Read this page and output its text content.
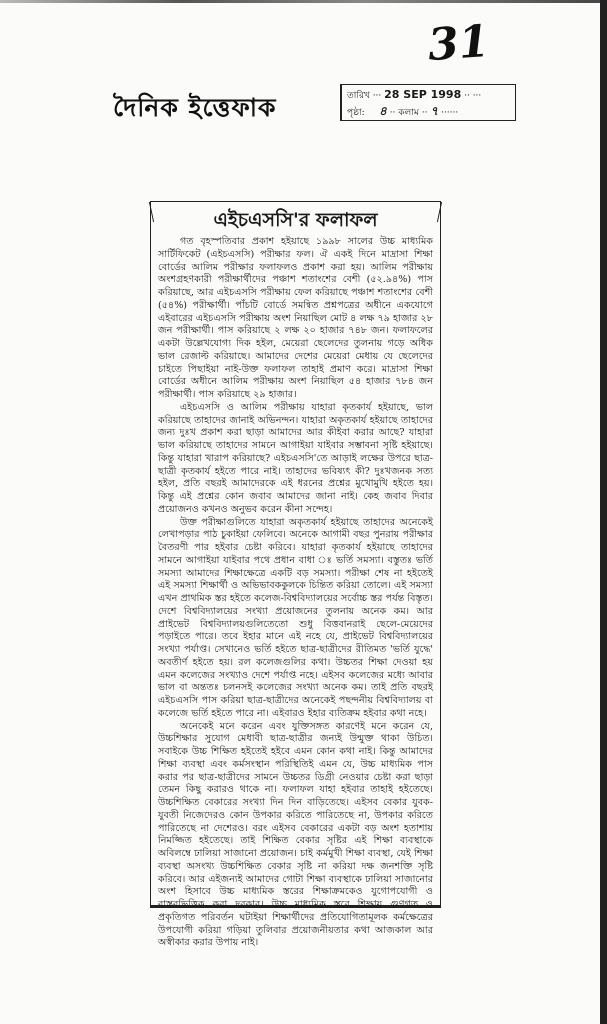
31
দৈনিক ইত্তেফাক	তারিখ ··· 28 SEP 1998 ·· ···
পৃষ্ঠা: ৪ ·· কলাম ·· ৭ ······
এইচএসসি'র ফলাফল

গত বৃহস্পতিবার প্রকাশ হইয়াছে ১৯৯৮ সালের উচ্চ মাধ্যমিক সার্টিফিকেট (এইচএসসি) পরীক্ষার ফল। ঐ একই দিনে মাদ্রাসা শিক্ষা বোর্ডের আলিম পরীক্ষার ফলাফলও প্রকাশ করা হয়। আলিম পরীক্ষায় অংশগ্রহণকারী পরীক্ষার্থীদের পঞ্চাশ শতাংশের বেশী (৫২.৯৪%) পাস করিয়াছে, আর এইচএসসি পরীক্ষায় ফেল করিয়াছে পঞ্চাশ শতাংশের বেশী (৫৪%) পরীক্ষার্থী। পাঁচটি বোর্ডে সমন্বিত প্রশ্নপত্রের অধীনে একযোগে এইবারের এইচএসসি পরীক্ষায় অংশ নিয়াছিল মোট ৪ লক্ষ ৭৯ হাজার ২৮ জন পরীক্ষার্থী। পাস করিয়াছে ২ লক্ষ ২০ হাজার ৭৪৮ জন। ফলাফলের একটা উল্লেখযোগ্য দিক হইল, মেয়েরা ছেলেদের তুলনায় গড়ে অধিক ভাল রেজাল্ট করিয়াছে। আমাদের দেশের মেয়েরা মেধায় যে ছেলেদের চাইতে পিছাইয়া নাই-উক্ত ফলাফল তাহাই প্রমাণ করে। মাদ্রাসা শিক্ষা বোর্ডের অধীনে আলিম পরীক্ষায় অংশ নিয়াছিল ৫৪ হাজার ৭৮৪ জন পরীক্ষার্থী। পাস করিয়াছে ২৯ হাজার।

এইচএসসি ও আলিম পরীক্ষায় যাহারা কৃতকার্য হইয়াছে, ভাল করিয়াছে তাহাদের জানাই অভিনন্দন। যাহারা অকৃতকার্য হইয়াছে তাহাদের জন্য দুঃখ প্রকাশ করা ছাড়া আমাদের আর কীইবা করার আছে? যাহারা ভাল করিয়াছে তাহাদের সামনে আগাইয়া যাইবার সম্ভাবনা সৃষ্টি হইয়াছে। কিন্তু যাহারা খারাপ করিয়াছে? এইচএসসি'তে আড়াই লক্ষের উপরে ছাত্র-ছাত্রী কৃতকার্য হইতে পারে নাই। তাহাদের ভবিষ্যৎ কী? দুঃখজনক সত্য হইল, প্রতি বছরই আমাদেরকে এই ধরনের প্রশ্নের মুখোমুখি হইতে হয়। কিন্তু এই প্রশ্নের কোন জবাব আমাদের জানা নাই। কেহ জবাব দিবার প্রয়োজনও কখনও অনুভব করেন কীনা সন্দেহ।

উক্ত পরীক্ষাগুলিতে যাহারা অকৃতকার্য হইয়াছে তাহাদের অনেকেই লেখাপড়ার পাঠ চুকাইয়া ফেলিবে। অনেকে আগামী বছর পুনরায় পরীক্ষার বৈতরণী পার হইবার চেষ্টা করিবে। যাহারা কৃতকার্য হইয়াছে তাহাদের সামনে আগাইয়া যাইবার পথে প্রধান বাধা ঃ ভর্তি সমস্যা। বস্তুতঃ ভর্তি সমস্যা আমাদের শিক্ষাক্ষেত্রে একটি বড় সমস্যা। পরীক্ষা শেষ না হইতেই এই সমস্যা শিক্ষার্থী ও অভিভাবককুলকে চিন্তিত করিয়া তোলে। এই সমস্যা এখন প্রাথমিক স্তর হইতে কলেজ-বিশ্ববিদ্যালয়ের সর্বোচ্চ স্তর পর্যন্ত বিস্তৃত। দেশে বিশ্ববিদ্যালয়ের সংখ্যা প্রয়োজনের তুলনায় অনেক কম। আর প্রাইভেট বিশ্ববিদ্যালয়গুলিতেতো শুধু বিত্তবানরাই ছেলে-মেয়েদের পড়াইতে পারে। তবে ইহার মানে এই নহে যে, প্রাইভেট বিশ্ববিদ্যালয়ের সংখ্যা পর্যাপ্ত। সেখানেও ভর্তি হইতে ছাত্র-ছাত্রীদের রীতিমত 'ভর্তি যুদ্ধে' অবতীর্ণ হইতে হয়। রল কলেজগুলির কথা। উচ্চতর শিক্ষা দেওয়া হয় এমন কলেজের সংখ্যাও দেশে পর্যাপ্ত নহে। এইসব কলেজের মধ্যে আবার ভাল বা অন্ততঃ চলনসই কলেজের সংখ্যা অনেক কম। তাই প্রতি বছরই এইচএসসি পাস করিয়া ছাত্র-ছাত্রীদের অনেকেই পছন্দনীয় বিশ্ববিদ্যালয় বা কলেজে ভর্তি হইতে পারে না। এইবারও ইহার ব্যতিক্রম হইবার কথা নহে।

অনেকেই মনে করেন এবং যুক্তিসঙ্গত কারণেই মনে করেন যে, উচ্চশিক্ষার সুযোগ মেধাবী ছাত্র-ছাত্রীর জন্যই উন্মুক্ত থাকা উচিত। সবাইকে উচ্চ শিক্ষিত হইতেই হইবে এমন কোন কথা নাই। কিন্তু আমাদের শিক্ষা ব্যবস্থা এবং কর্মসংস্থান পরিস্থিতিই এমন যে, উচ্চ মাধ্যমিক পাস করার পর ছাত্র-ছাত্রীদের সামনে উচ্চতর ডিগ্রী নেওয়ার চেষ্টা করা ছাড়া তেমন কিছু করারও থাকে না। ফলাফল যাহা হইবার তাহাই হইতেছে। উচ্চশিক্ষিত বেকারের সংখ্যা দিন দিন বাড়িতেছে। এইসব বেকার যুবক-যুবতী নিজেদেরও কোন উপকার করিতে পারিতেছে না, উপকার করিতে পারিতেছে না দেশেরও। বরং এইসব বেকারের একটা বড় অংশ হতাশায় নিমজ্জিত হইতেছে। তাই শিক্ষিত বেকার সৃষ্টির এই শিক্ষা ব্যবস্থাকে অবিলম্বে ঢালিয়া সাজানো প্রয়োজন। চাই কর্মমুখী শিক্ষা ব্যবস্থা, যেই শিক্ষা ব্যবস্থা অসংখ্য উচ্চশিক্ষিত বেকার সৃষ্টি না করিয়া দক্ষ জনশক্তি সৃষ্টি করিবে। আর এইজন্যই আমাদের গোটা শিক্ষা ব্যবস্থাকে ঢালিয়া সাজানোর অংশ হিসাবে উচ্চ মাধ্যমিক স্তরের শিক্ষাক্রমকেও যুগোপযোগী ও বাস্তবভিত্তিক করা দরকার। উচ্চ মাধ্যমিক স্তরে শিক্ষায় গুণগত ও প্রকৃতিগত পরিবর্তন ঘটাইয়া শিক্ষার্থীদের প্রতিযোগিতামূলক কর্মক্ষেত্রের উপযোগী করিয়া গড়িয়া তুলিবার প্রয়োজনীয়তার কথা আজকাল আর অস্বীকার করার উপায় নাই।
